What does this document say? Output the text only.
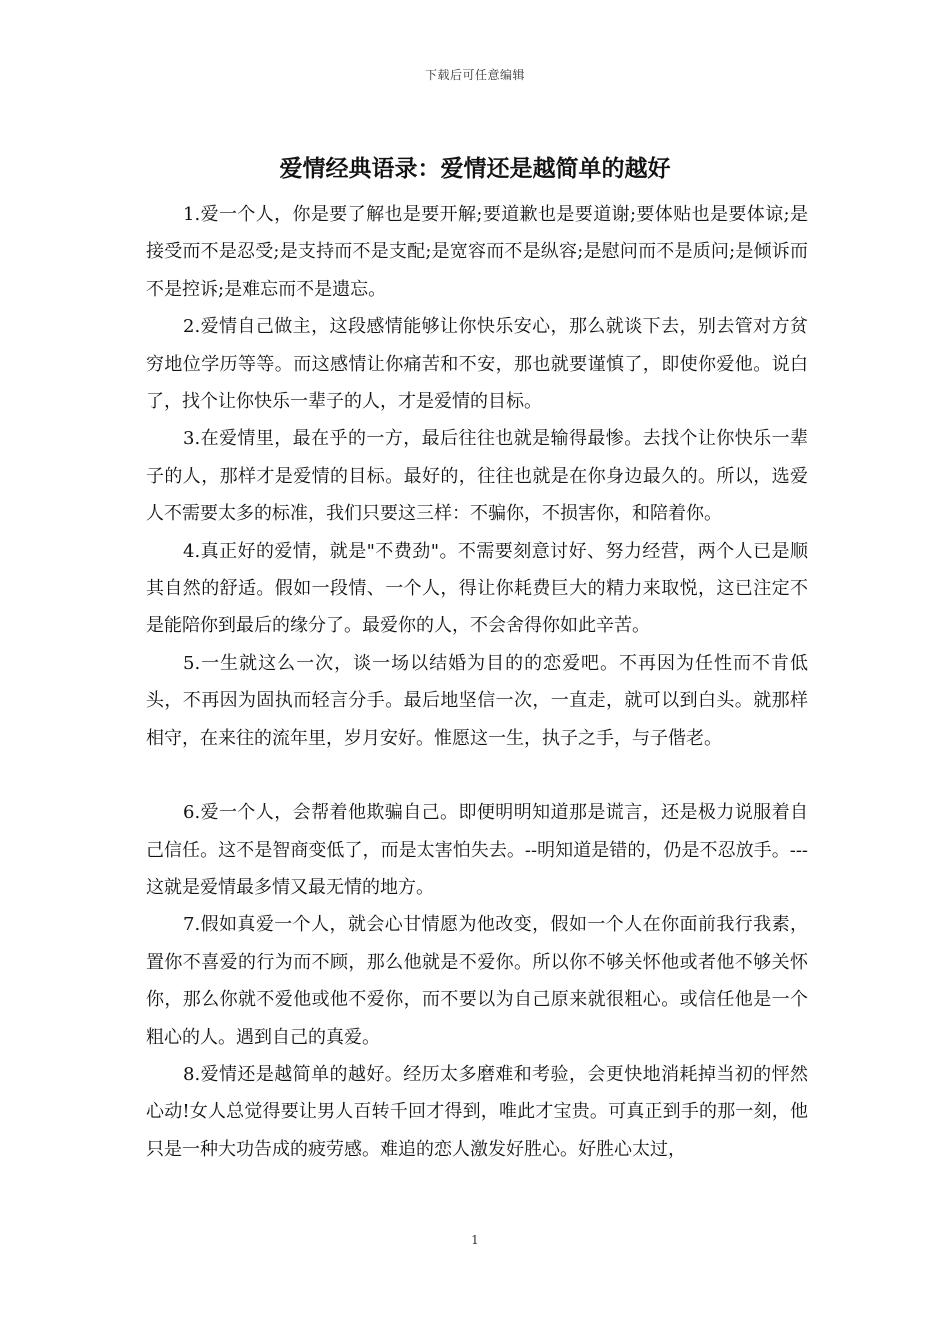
下载后可任意编辑
爱情经典语录：爱情还是越简单的越好

1.爱一个人，你是要了解也是要开解;要道歉也是要道谢;要体贴也是要体谅;是接受而不是忍受;是支持而不是支配;是宽容而不是纵容;是慰问而不是质问;是倾诉而不是控诉;是难忘而不是遗忘。

2.爱情自己做主，这段感情能够让你快乐安心，那么就谈下去，别去管对方贫穷地位学历等等。而这感情让你痛苦和不安，那也就要谨慎了，即使你爱他。说白了，找个让你快乐一辈子的人，才是爱情的目标。

3.在爱情里，最在乎的一方，最后往往也就是输得最惨。去找个让你快乐一辈子的人，那样才是爱情的目标。最好的，往往也就是在你身边最久的。所以，选爱人不需要太多的标准，我们只要这三样：不骗你，不损害你，和陪着你。

4.真正好的爱情，就是"不费劲"。不需要刻意讨好、努力经营，两个人已是顺其自然的舒适。假如一段情、一个人，得让你耗费巨大的精力来取悦，这已注定不是能陪你到最后的缘分了。最爱你的人，不会舍得你如此辛苦。

5.一生就这么一次，谈一场以结婚为目的的恋爱吧。不再因为任性而不肯低头，不再因为固执而轻言分手。最后地坚信一次，一直走，就可以到白头。就那样相守，在来往的流年里，岁月安好。惟愿这一生，执子之手，与子偕老。

6.爱一个人，会帮着他欺骗自己。即便明明知道那是谎言，还是极力说服着自己信任。这不是智商变低了，而是太害怕失去。--明知道是错的，仍是不忍放手。---这就是爱情最多情又最无情的地方。

7.假如真爱一个人，就会心甘情愿为他改变，假如一个人在你面前我行我素，置你不喜爱的行为而不顾，那么他就是不爱你。所以你不够关怀他或者他不够关怀你，那么你就不爱他或他不爱你，而不要以为自己原来就很粗心。或信任他是一个粗心的人。遇到自己的真爱。

8.爱情还是越简单的越好。经历太多磨难和考验，会更快地消耗掉当初的怦然心动!女人总觉得要让男人百转千回才得到，唯此才宝贵。可真正到手的那一刻，他只是一种大功告成的疲劳感。难追的恋人激发好胜心。好胜心太过，

1
